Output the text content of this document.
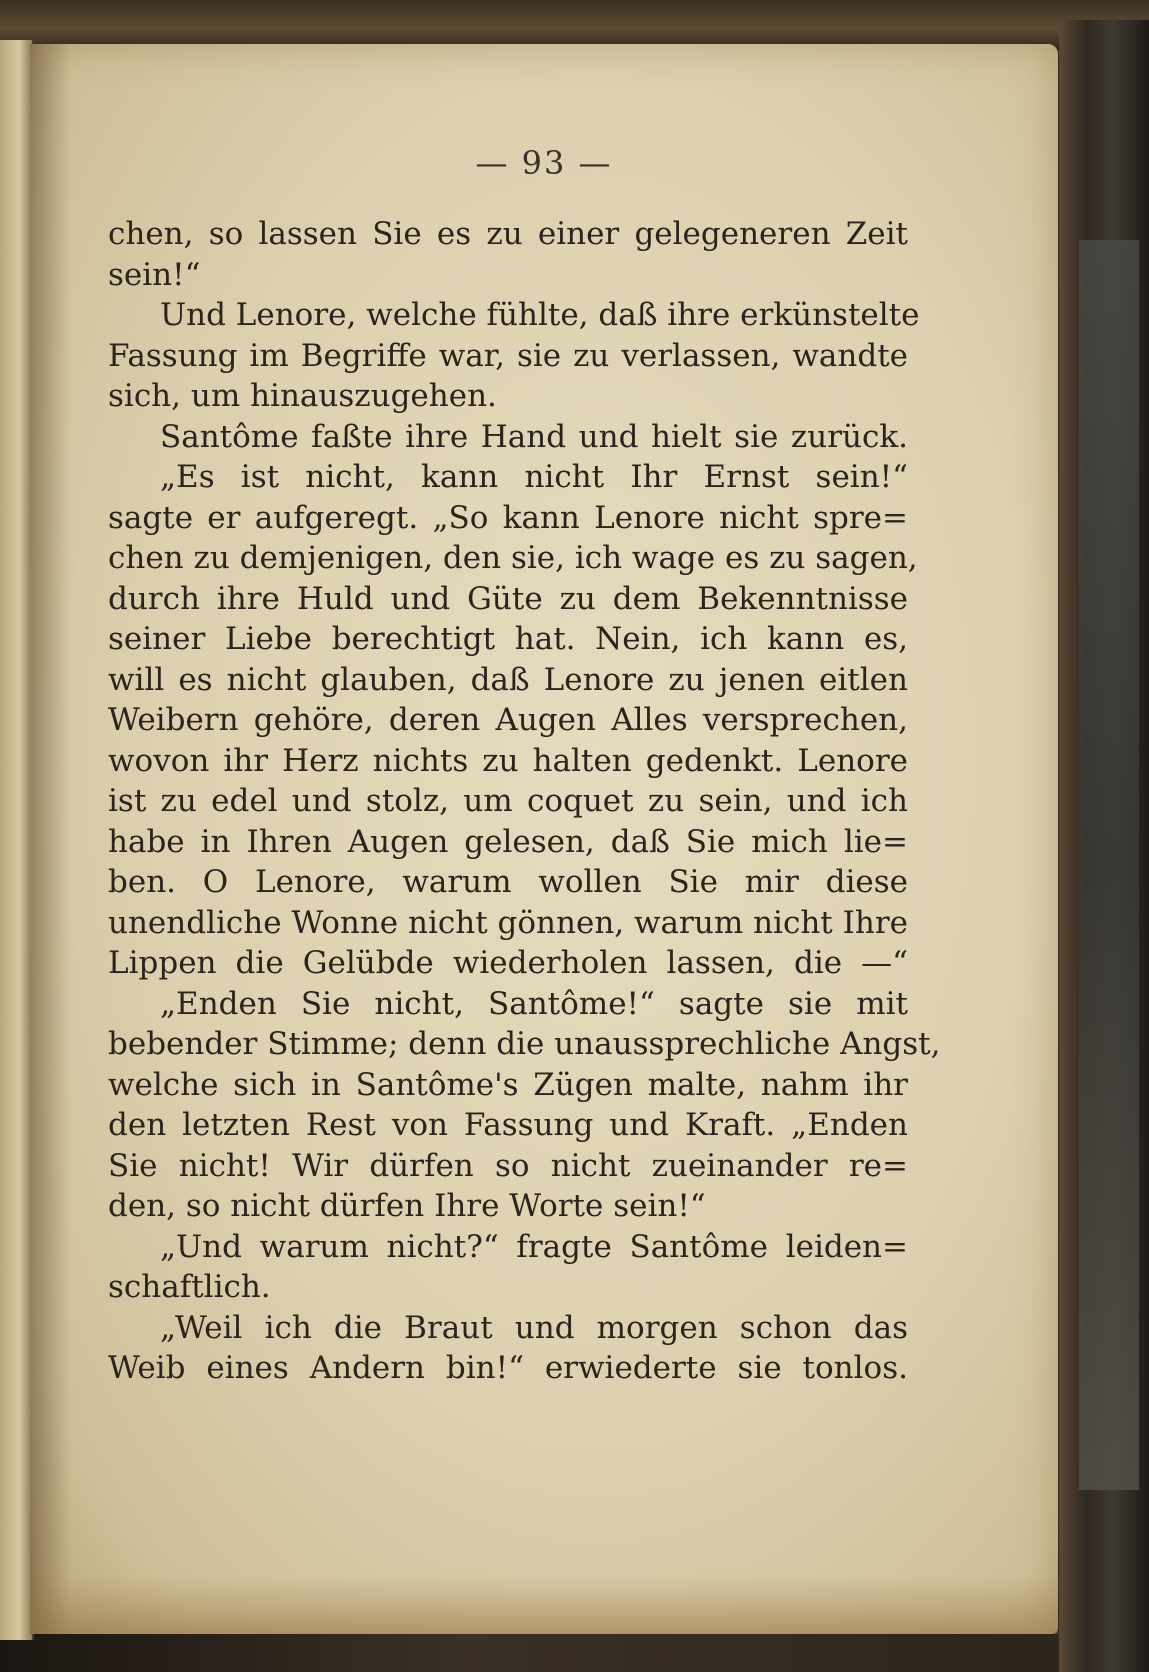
— 93 —
chen, so lassen Sie es zu einer gelegeneren Zeit
sein!“
Und Lenore, welche fühlte, daß ihre erkünstelte
Fassung im Begriffe war, sie zu verlassen, wandte
sich, um hinauszugehen.
Santôme faßte ihre Hand und hielt sie zurück.
„Es ist nicht, kann nicht Ihr Ernst sein!“
sagte er aufgeregt. „So kann Lenore nicht spre=
chen zu demjenigen, den sie, ich wage es zu sagen,
durch ihre Huld und Güte zu dem Bekenntnisse
seiner Liebe berechtigt hat. Nein, ich kann es,
will es nicht glauben, daß Lenore zu jenen eitlen
Weibern gehöre, deren Augen Alles versprechen,
wovon ihr Herz nichts zu halten gedenkt. Lenore
ist zu edel und stolz, um coquet zu sein, und ich
habe in Ihren Augen gelesen, daß Sie mich lie=
ben. O Lenore, warum wollen Sie mir diese
unendliche Wonne nicht gönnen, warum nicht Ihre
Lippen die Gelübde wiederholen lassen, die —“
„Enden Sie nicht, Santôme!“ sagte sie mit
bebender Stimme; denn die unaussprechliche Angst,
welche sich in Santôme's Zügen malte, nahm ihr
den letzten Rest von Fassung und Kraft. „Enden
Sie nicht! Wir dürfen so nicht zueinander re=
den, so nicht dürfen Ihre Worte sein!“
„Und warum nicht?“ fragte Santôme leiden=
schaftlich.
„Weil ich die Braut und morgen schon das
Weib eines Andern bin!“ erwiederte sie tonlos.
